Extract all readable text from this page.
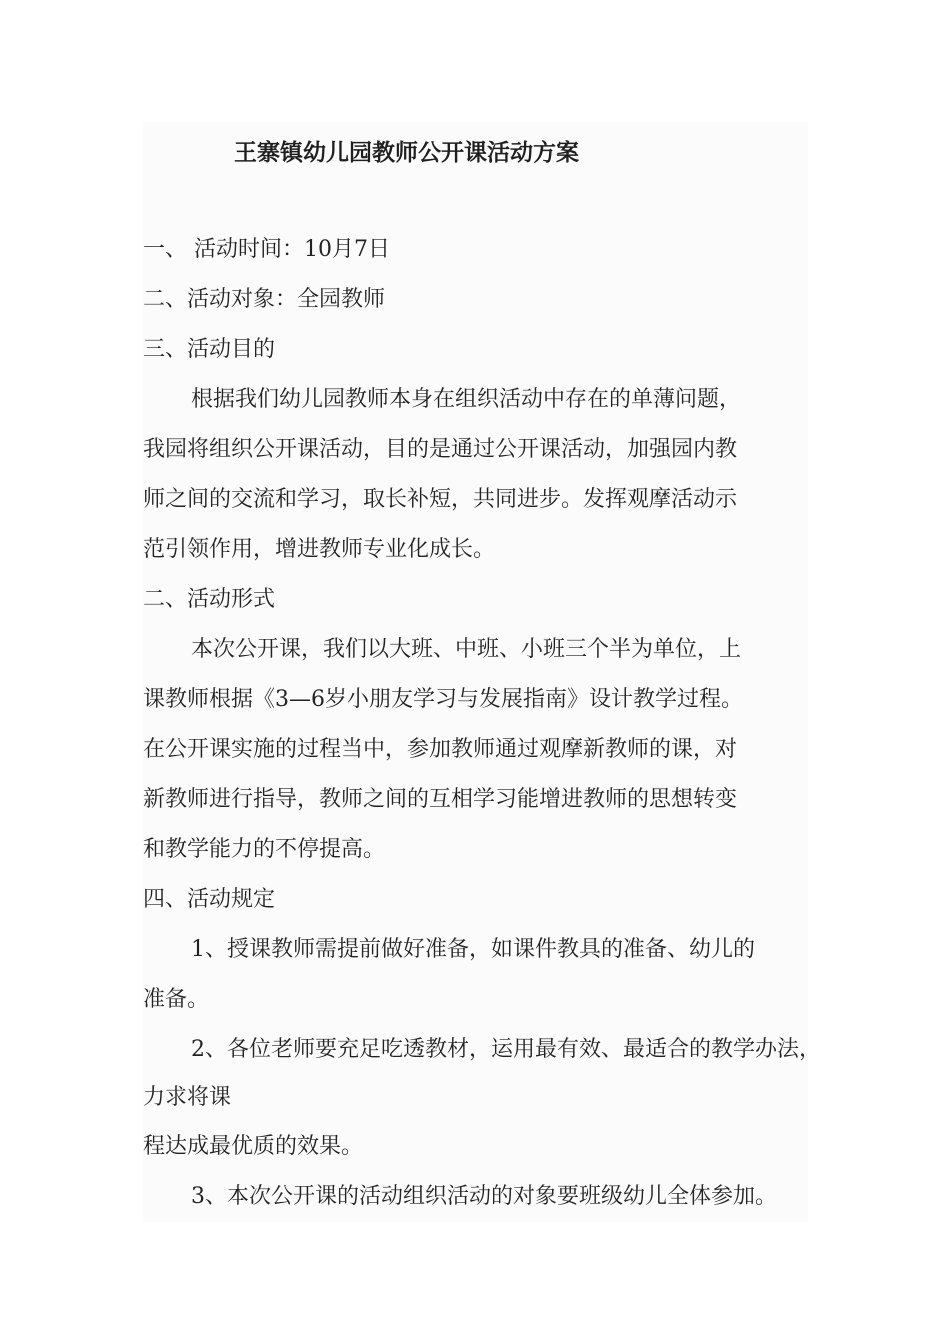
王寨镇幼儿园教师公开课活动方案
一、 活动时间：10月7日
二、活动对象：全园教师
三、活动目的
根据我们幼儿园教师本身在组织活动中存在的单薄问题，
我园将组织公开课活动，目的是通过公开课活动，加强园内教
师之间的交流和学习，取长补短，共同进步。发挥观摩活动示
范引领作用，增进教师专业化成长。
二、活动形式
本次公开课，我们以大班、中班、小班三个半为单位，上
课教师根据《3—6岁小朋友学习与发展指南》设计教学过程。
在公开课实施的过程当中，参加教师通过观摩新教师的课，对
新教师进行指导，教师之间的互相学习能增进教师的思想转变
和教学能力的不停提高。
四、活动规定
1、授课教师需提前做好准备，如课件教具的准备、幼儿的
准备。
2、各位老师要充足吃透教材，运用最有效、最适合的教学办法，
力求将课
程达成最优质的效果。
3、本次公开课的活动组织活动的对象要班级幼儿全体参加。
